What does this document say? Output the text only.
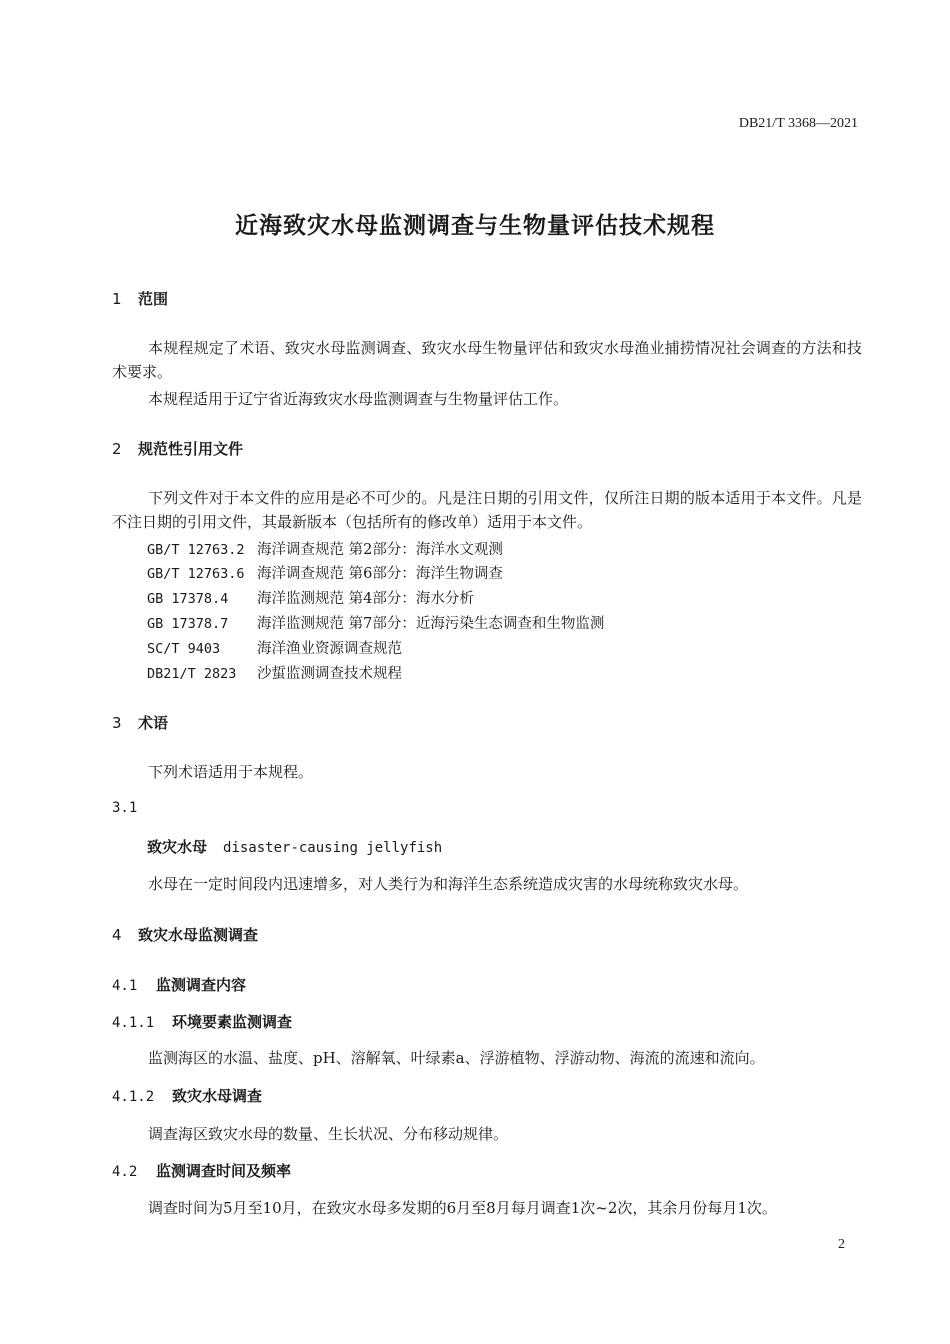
DB21/T 3368—2021
近海致灾水母监测调查与生物量评估技术规程
1 范围
本规程规定了术语、致灾水母监测调查、致灾水母生物量评估和致灾水母渔业捕捞情况社会调查的方法和技术要求。
本规程适用于辽宁省近海致灾水母监测调查与生物量评估工作。
2 规范性引用文件
下列文件对于本文件的应用是必不可少的。凡是注日期的引用文件，仅所注日期的版本适用于本文件。凡是不注日期的引用文件，其最新版本（包括所有的修改单）适用于本文件。
GB/T 12763.2 海洋调查规范 第2部分：海洋水文观测
GB/T 12763.6 海洋调查规范 第6部分：海洋生物调查
GB 17378.4 海洋监测规范 第4部分：海水分析
GB 17378.7 海洋监测规范 第7部分：近海污染生态调查和生物监测
SC/T 9403	海洋渔业资源调查规范
DB21/T 2823 沙蜇监测调查技术规程
3 术语
下列术语适用于本规程。
3.1
致灾水母 disaster-causing jellyfish
水母在一定时间段内迅速增多，对人类行为和海洋生态系统造成灾害的水母统称致灾水母。
4 致灾水母监测调查
4.1 监测调查内容
4.1.1 环境要素监测调查
监测海区的水温、盐度、pH、溶解氧、叶绿素a、浮游植物、浮游动物、海流的流速和流向。
4.1.2 致灾水母调查
调查海区致灾水母的数量、生长状况、分布移动规律。
4.2 监测调查时间及频率
调查时间为5月至10月，在致灾水母多发期的6月至8月每月调查1次~2次，其余月份每月1次。
2
